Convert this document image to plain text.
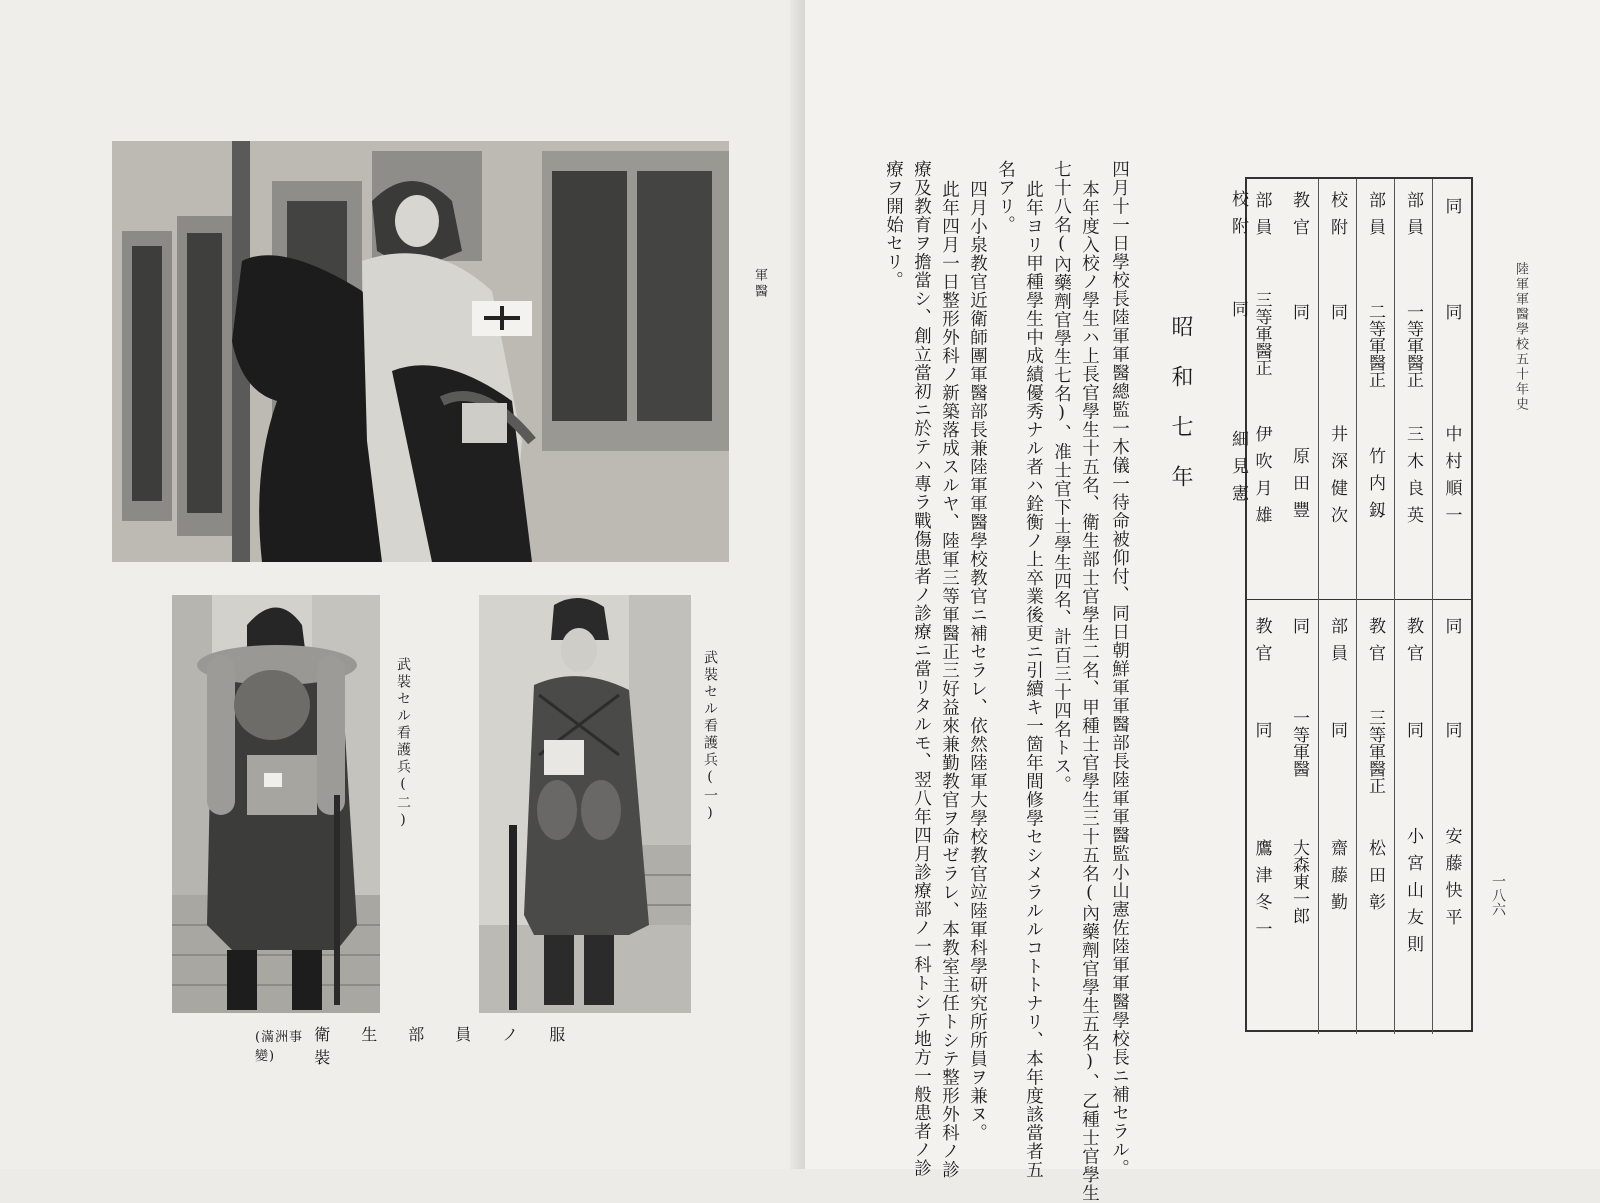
軍醫
武裝セル看護兵(二)	武裝セル看護兵(一)
(滿洲事變)
衛生部員ノ服裝
陸軍軍醫學校五十年史
一八六
同
同
中村順一
同
同
安藤快平
部員
一等軍醫正
三木良英
教官
同
小宮山友則
部員
二等軍醫正
竹内釼
教官
三等軍醫正
松田彰
校附
同
井深健次
部員
同
齋藤勤
教官
同
原田豐
同
一等軍醫
大森東一郎
部員
三等軍醫正
伊吹月雄
教官
同
鷹津冬一
校附
同
細見憲
昭和七年
四月十一日學校長陸軍軍醫總監一木儀一待命被仰付、同日朝鮮軍軍醫部長陸軍軍醫監小山憲佐陸軍軍醫學校長ニ補セラル。
本年度入校ノ學生ハ上長官學生十五名、衛生部士官學生二名、甲種士官學生三十五名(內藥劑官學生五名)、乙種士官學生
七十八名(內藥劑官學生七名)、准士官下士學生四名、計百三十四名トス。
此年ヨリ甲種學生中成績優秀ナル者ハ銓衡ノ上卒業後更ニ引續キ一箇年間修學セシメラルルコトトナリ、本年度該當者五
名アリ。
四月小泉教官近衛師團軍醫部長兼陸軍軍醫學校教官ニ補セラレ、依然陸軍大學校教官竝陸軍科學研究所所員ヲ兼ヌ。
此年四月一日整形外科ノ新築落成スルヤ、陸軍三等軍醫正三好益來兼勤教官ヲ命ゼラレ、本教室主任トシテ整形外科ノ診
療及教育ヲ擔當シ、創立當初ニ於テハ專ラ戰傷患者ノ診療ニ當リタルモ、翌八年四月診療部ノ一科トシテ地方一般患者ノ診
療ヲ開始セリ。
